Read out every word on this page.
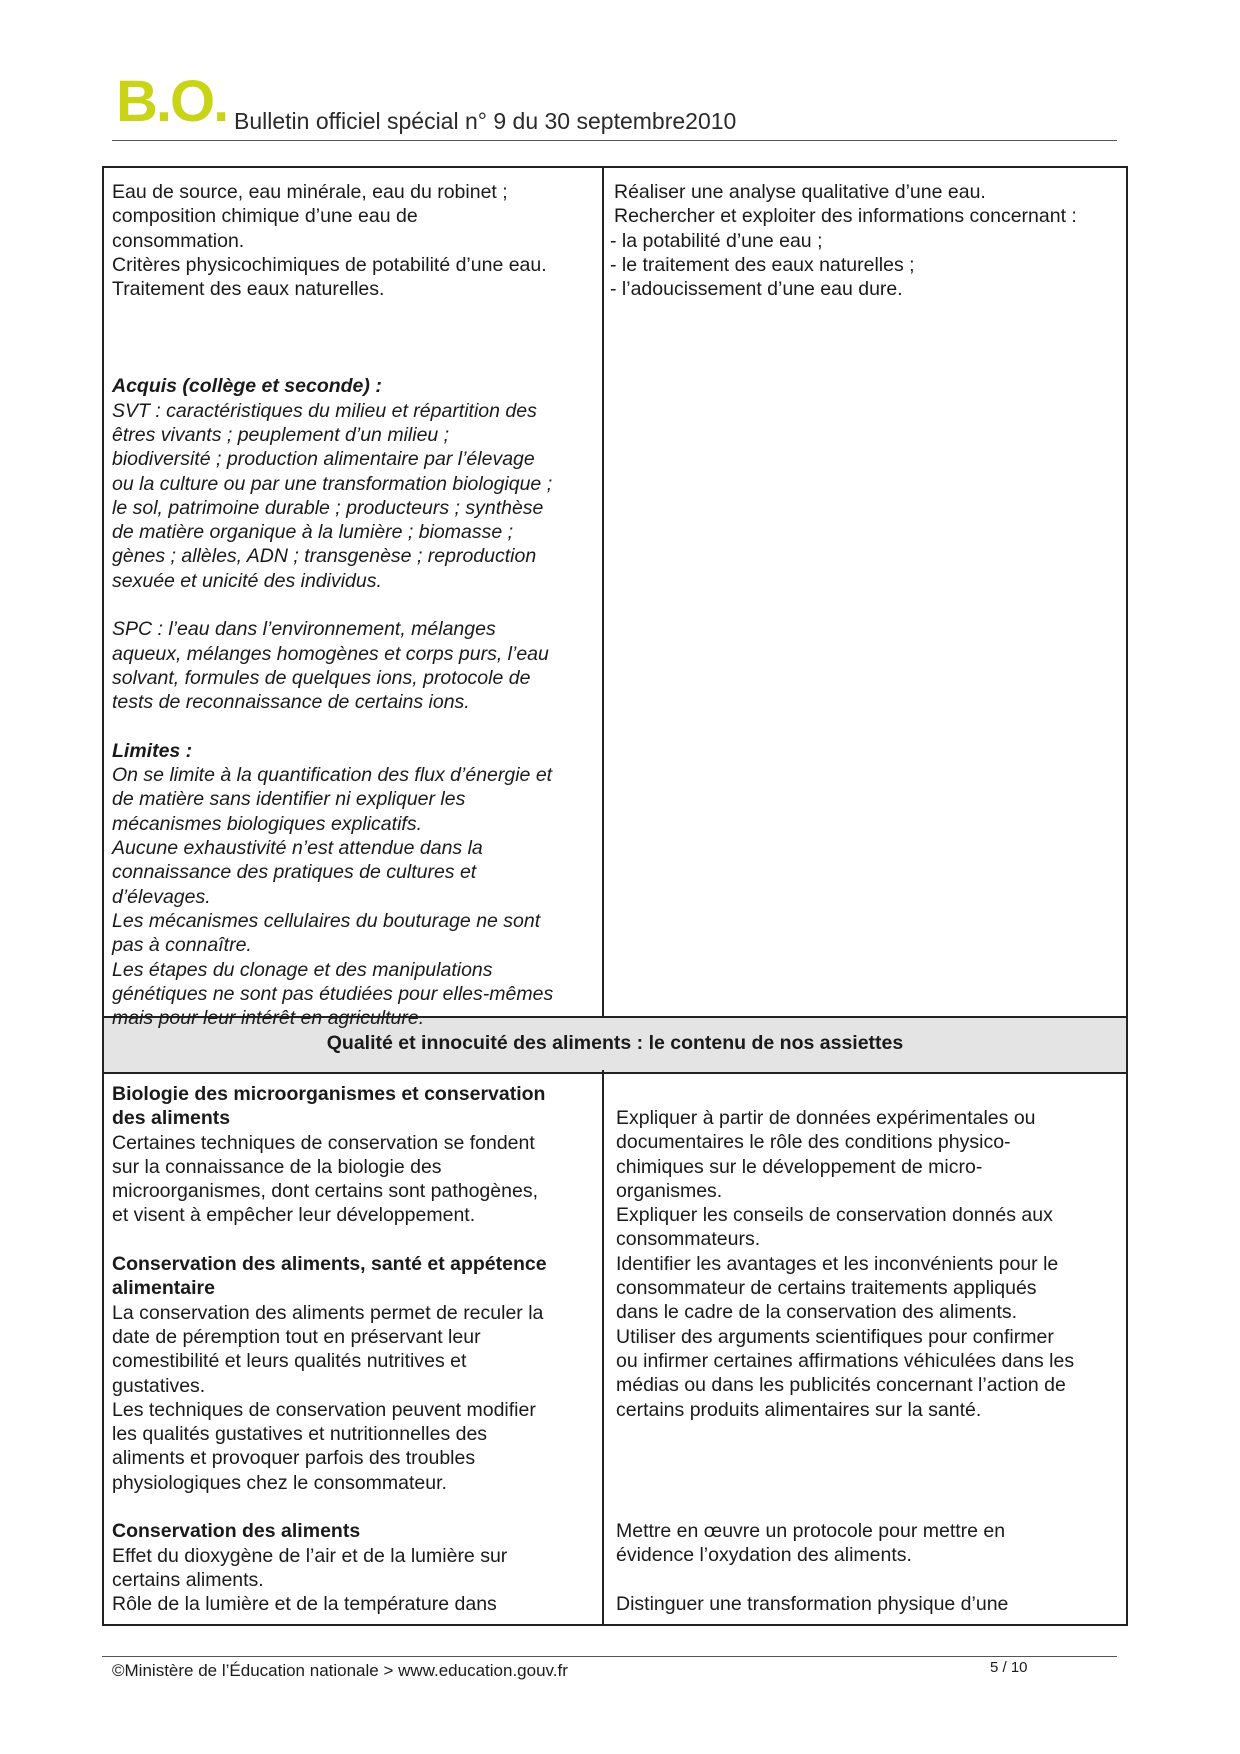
B.O. Bulletin officiel spécial n° 9 du 30 septembre2010
Qualité et innocuité des aliments : le contenu de nos assiettes

Eau de source, eau minérale, eau du robinet ;

composition chimique d’une eau de

consommation.

Critères physicochimiques de potabilité d’une eau.

Traitement des eaux naturelles.

Acquis (collège et seconde) :

SVT : caractéristiques du milieu et répartition des

êtres vivants ; peuplement d’un milieu ;

biodiversité ; production alimentaire par l’élevage

ou la culture ou par une transformation biologique ;

le sol, patrimoine durable ; producteurs ; synthèse

de matière organique à la lumière ; biomasse ;

gènes ; allèles, ADN ; transgenèse ; reproduction

sexuée et unicité des individus.

SPC : l’eau dans l’environnement, mélanges

aqueux, mélanges homogènes et corps purs, l’eau

solvant, formules de quelques ions, protocole de

tests de reconnaissance de certains ions.

Limites :

On se limite à la quantification des flux d’énergie et

de matière sans identifier ni expliquer les

mécanismes biologiques explicatifs.

Aucune exhaustivité n’est attendue dans la

connaissance des pratiques de cultures et

d’élevages.

Les mécanismes cellulaires du bouturage ne sont

pas à connaître.

Les étapes du clonage et des manipulations

génétiques ne sont pas étudiées pour elles-mêmes

mais pour leur intérêt en agriculture.

Réaliser une analyse qualitative d’une eau.

Rechercher et exploiter des informations concernant :

- la potabilité d’une eau ;

- le traitement des eaux naturelles ;

- l’adoucissement d’une eau dure.

Biologie des microorganismes et conservation

des aliments

Certaines techniques de conservation se fondent

sur la connaissance de la biologie des

microorganismes, dont certains sont pathogènes,

et visent à empêcher leur développement.

Conservation des aliments, santé et appétence

alimentaire

La conservation des aliments permet de reculer la

date de péremption tout en préservant leur

comestibilité et leurs qualités nutritives et

gustatives.

Les techniques de conservation peuvent modifier

les qualités gustatives et nutritionnelles des

aliments et provoquer parfois des troubles

physiologiques chez le consommateur.

Conservation des aliments

Effet du dioxygène de l’air et de la lumière sur

certains aliments.

Rôle de la lumière et de la température dans

Expliquer à partir de données expérimentales ou

documentaires le rôle des conditions physico-

chimiques sur le développement de micro-

organismes.

Expliquer les conseils de conservation donnés aux

consommateurs.

Identifier les avantages et les inconvénients pour le

consommateur de certains traitements appliqués

dans le cadre de la conservation des aliments.

Utiliser des arguments scientifiques pour confirmer

ou infirmer certaines affirmations véhiculées dans les

médias ou dans les publicités concernant l’action de

certains produits alimentaires sur la santé.

Mettre en œuvre un protocole pour mettre en

évidence l’oxydation des aliments.

Distinguer une transformation physique d’une

©Ministère de l’Éducation nationale > www.education.gouv.fr	5 / 10
